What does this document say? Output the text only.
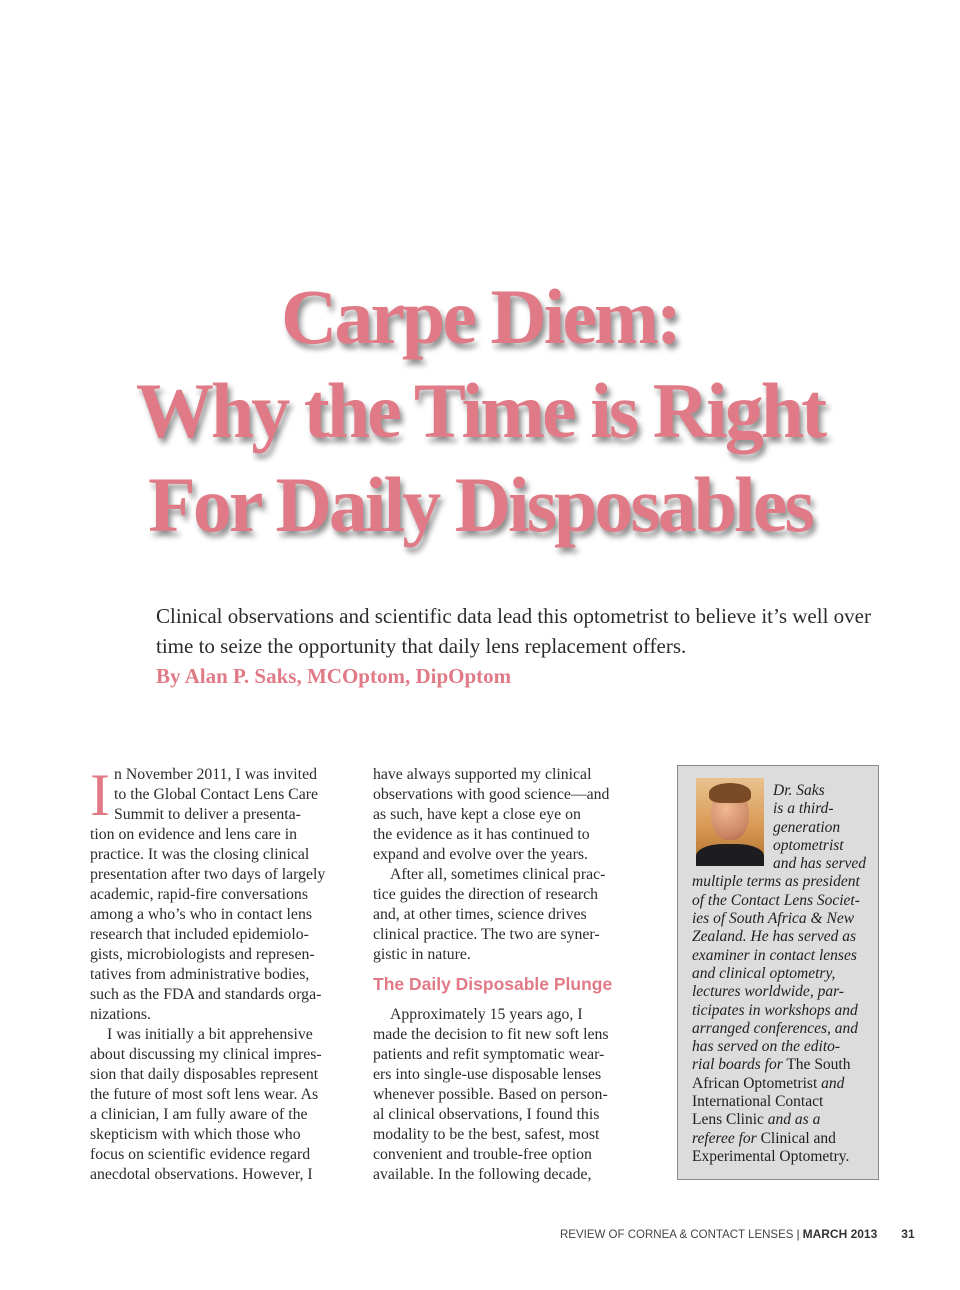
Carpe Diem:
Why the Time is Right
For Daily Disposables

Clinical observations and scientific data lead this optometrist to believe it’s well over time to seize the opportunity that daily lens replacement offers.

By Alan P. Saks, MCOptom, DipOptom

I n November 2011, I was invited
to the Global Contact Lens Care
Summit to deliver a presenta-
tion on evidence and lens care in
practice. It was the closing clinical
presentation after two days of largely
academic, rapid-fire conversations
among a who’s who in contact lens
research that included epidemiolo-
gists, microbiologists and represen-
tatives from administrative bodies,
such as the FDA and standards orga-
nizations.
I was initially a bit apprehensive
about discussing my clinical impres-
sion that daily disposables represent
the future of most soft lens wear. As
a clinician, I am fully aware of the
skepticism with which those who
focus on scientific evidence regard
anecdotal observations. However, I
have always supported my clinical
observations with good science—and
as such, have kept a close eye on
the evidence as it has continued to
expand and evolve over the years.
After all, sometimes clinical prac-
tice guides the direction of research
and, at other times, science drives
clinical practice. The two are syner-
gistic in nature.
The Daily Disposable Plunge
Approximately 15 years ago, I
made the decision to fit new soft lens
patients and refit symptomatic wear-
ers into single-use disposable lenses
whenever possible. Based on person-
al clinical observations, I found this
modality to be the best, safest, most
convenient and trouble-free option
available. In the following decade,
Dr. Saks
is a third-
generation
optometrist
and has served
multiple terms as president
of the Contact Lens Societ-
ies of South Africa & New
Zealand. He has served as
examiner in contact lenses
and clinical optometry,
lectures worldwide, par-
ticipates in workshops and
arranged conferences, and
has served on the edito-
rial boards for The South
African Optometrist and
International Contact
Lens Clinic and as a
referee for Clinical and
Experimental Optometry.
REVIEW OF CORNEA & CONTACT LENSES | MARCH 2013 31
